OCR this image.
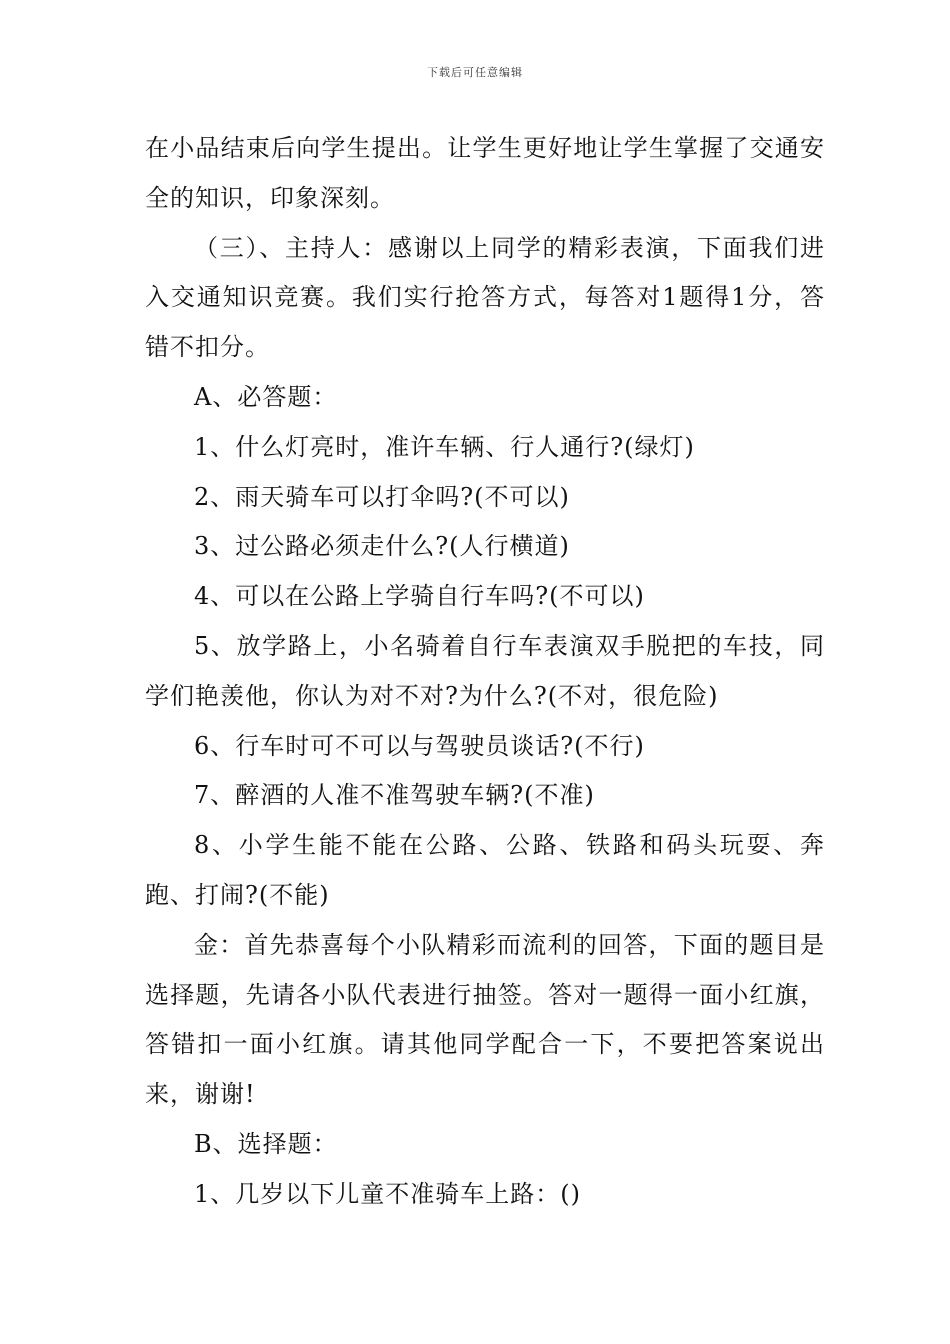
下载后可任意编辑

在小品结束后向学生提出。让学生更好地让学生掌握了交通安全的知识，印象深刻。

（三）、主持人：感谢以上同学的精彩表演，下面我们进入交通知识竞赛。我们实行抢答方式，每答对1题得1分，答错不扣分。

A、必答题：

1、什么灯亮时，准许车辆、行人通行?(绿灯)

2、雨天骑车可以打伞吗?(不可以)

3、过公路必须走什么?(人行横道)

4、可以在公路上学骑自行车吗?(不可以)

5、放学路上，小名骑着自行车表演双手脱把的车技，同学们艳羡他，你认为对不对?为什么?(不对，很危险)

6、行车时可不可以与驾驶员谈话?(不行)

7、醉酒的人准不准驾驶车辆?(不准)

8、小学生能不能在公路、公路、铁路和码头玩耍、奔跑、打闹?(不能)

金：首先恭喜每个小队精彩而流利的回答，下面的题目是选择题，先请各小队代表进行抽签。答对一题得一面小红旗，答错扣一面小红旗。请其他同学配合一下，不要把答案说出来，谢谢!

B、选择题：

1、几岁以下儿童不准骑车上路：()
